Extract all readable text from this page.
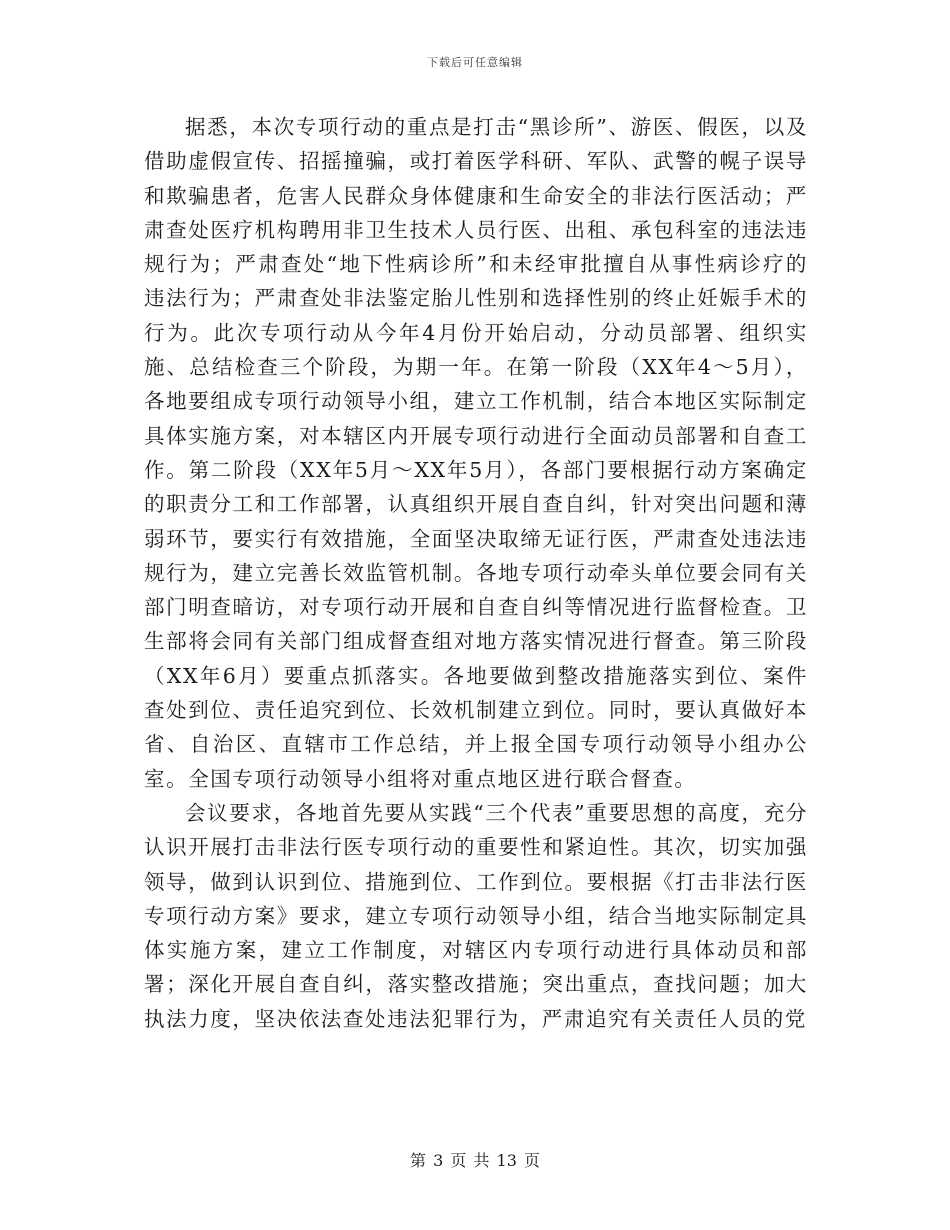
下载后可任意编辑

据悉，本次专项行动的重点是打击“黑诊所”、游医、假医，以及借助虚假宣传、招摇撞骗，或打着医学科研、军队、武警的幌子误导和欺骗患者，危害人民群众身体健康和生命安全的非法行医活动；严肃查处医疗机构聘用非卫生技术人员行医、出租、承包科室的违法违规行为；严肃查处“地下性病诊所”和未经审批擅自从事性病诊疗的违法行为；严肃查处非法鉴定胎儿性别和选择性别的终止妊娠手术的行为。此次专项行动从今年4月份开始启动，分动员部署、组织实施、总结检查三个阶段，为期一年。在第一阶段（XX年4～5月），各地要组成专项行动领导小组，建立工作机制，结合本地区实际制定具体实施方案，对本辖区内开展专项行动进行全面动员部署和自查工作。第二阶段（XX年5月～XX年5月），各部门要根据行动方案确定的职责分工和工作部署，认真组织开展自查自纠，针对突出问题和薄弱环节，要实行有效措施，全面坚决取缔无证行医，严肃查处违法违规行为，建立完善长效监管机制。各地专项行动牵头单位要会同有关部门明查暗访，对专项行动开展和自查自纠等情况进行监督检查。卫生部将会同有关部门组成督查组对地方落实情况进行督查。第三阶段（XX年6月）要重点抓落实。各地要做到整改措施落实到位、案件查处到位、责任追究到位、长效机制建立到位。同时，要认真做好本省、自治区、直辖市工作总结，并上报全国专项行动领导小组办公室。全国专项行动领导小组将对重点地区进行联合督查。

会议要求，各地首先要从实践“三个代表”重要思想的高度，充分认识开展打击非法行医专项行动的重要性和紧迫性。其次，切实加强领导，做到认识到位、措施到位、工作到位。要根据《打击非法行医专项行动方案》要求，建立专项行动领导小组，结合当地实际制定具体实施方案，建立工作制度，对辖区内专项行动进行具体动员和部署；深化开展自查自纠，落实整改措施；突出重点，查找问题；加大执法力度，坚决依法查处违法犯罪行为，严肃追究有关责任人员的党

第 3 页 共 13 页
